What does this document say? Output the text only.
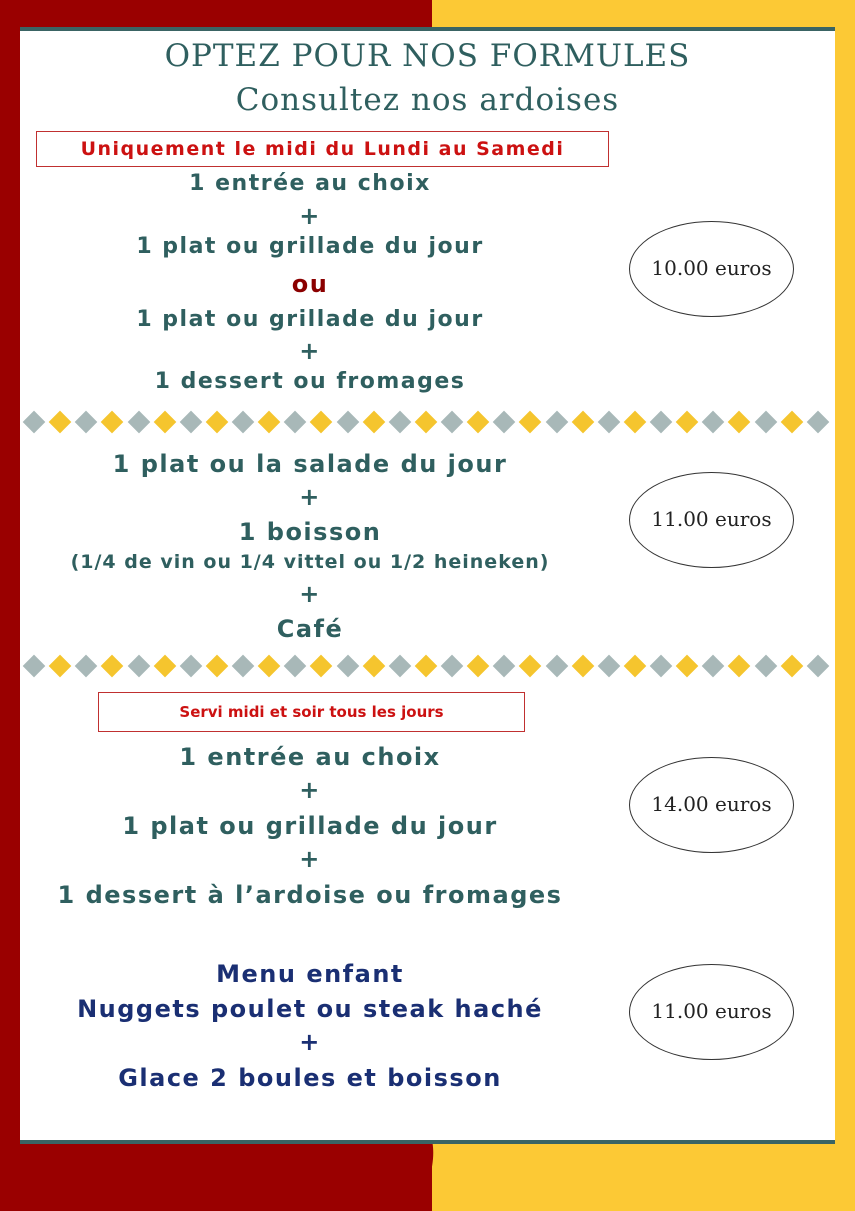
OPTEZ POUR NOS FORMULES
Consultez nos ardoises
Uniquement le midi du Lundi au Samedi
1 entrée au choix
+
1 plat ou grillade du jour
ou
1 plat ou grillade du jour
+
1 dessert ou fromages
10.00 euros
1 plat ou la salade du jour
+
1 boisson
(1/4 de vin ou 1/4 vittel ou 1/2 heineken)
+
Café
11.00 euros
Servi midi et soir tous les jours
1 entrée au choix
+
1 plat ou grillade du jour
+
1 dessert à l’ardoise ou fromages
14.00 euros
Menu enfant
Nuggets poulet ou steak haché
+
Glace 2 boules et boisson
11.00 euros
